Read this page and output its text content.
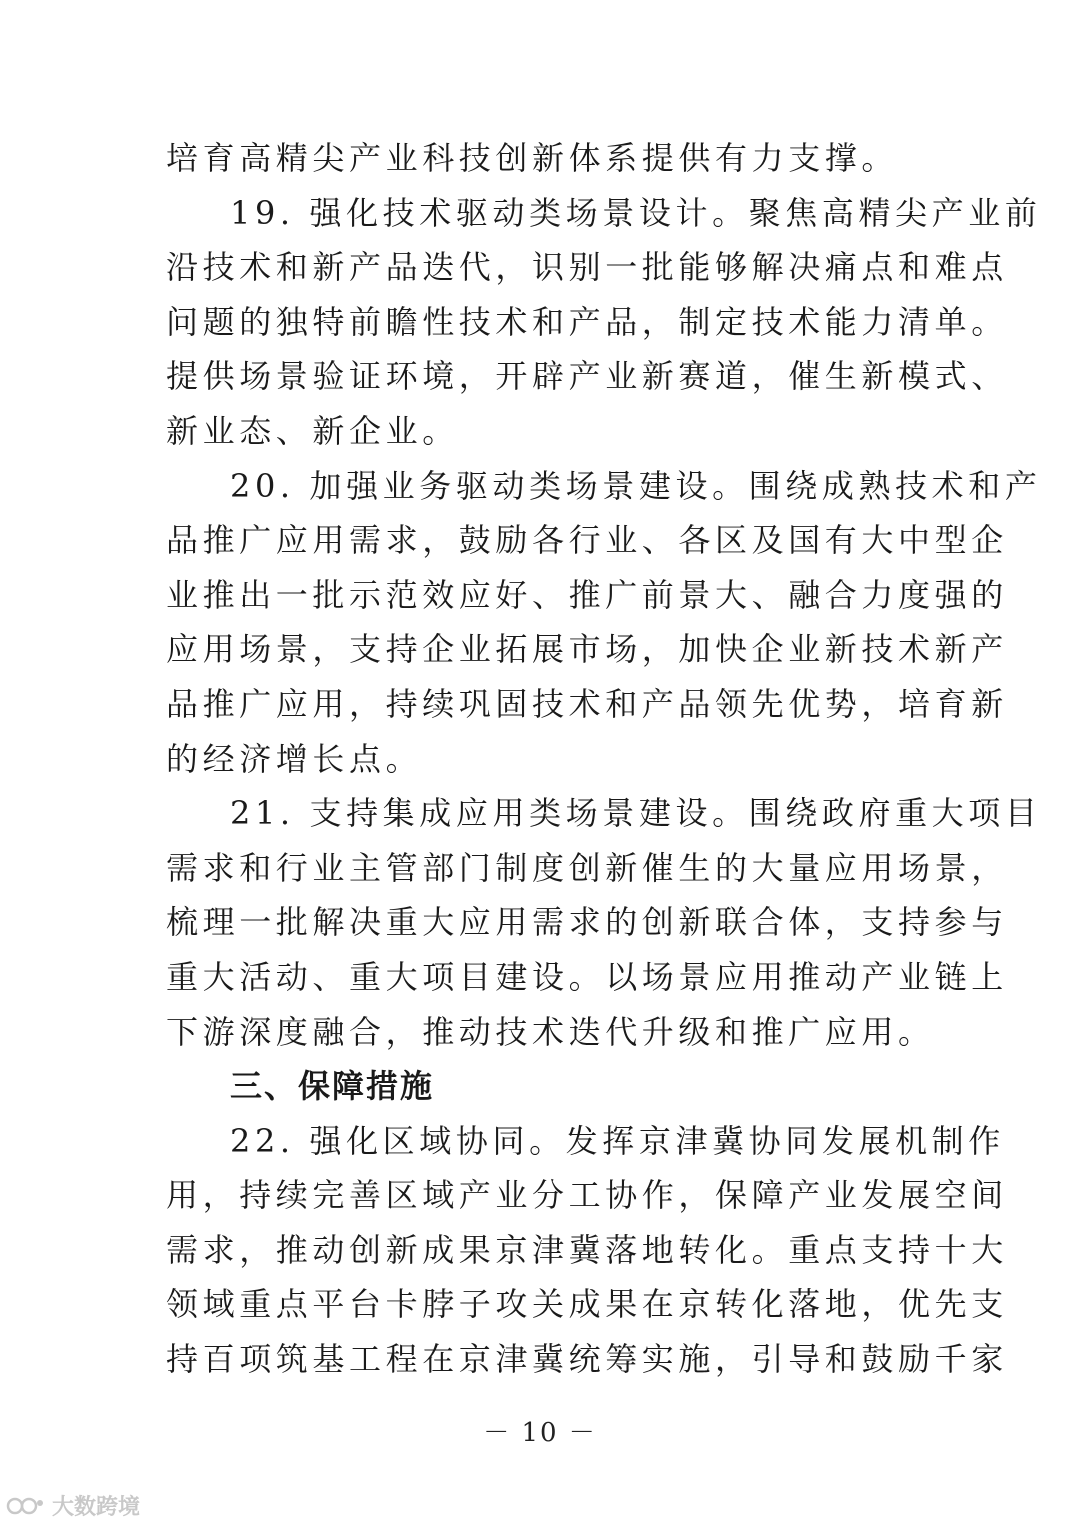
培育高精尖产业科技创新体系提供有力支撑。
19. 强化技术驱动类场景设计。聚焦高精尖产业前
沿技术和新产品迭代，识别一批能够解决痛点和难点
问题的独特前瞻性技术和产品，制定技术能力清单。
提供场景验证环境，开辟产业新赛道，催生新模式、
新业态、新企业。
20. 加强业务驱动类场景建设。围绕成熟技术和产
品推广应用需求，鼓励各行业、各区及国有大中型企
业推出一批示范效应好、推广前景大、融合力度强的
应用场景，支持企业拓展市场，加快企业新技术新产
品推广应用，持续巩固技术和产品领先优势，培育新
的经济增长点。
21. 支持集成应用类场景建设。围绕政府重大项目
需求和行业主管部门制度创新催生的大量应用场景，
梳理一批解决重大应用需求的创新联合体，支持参与
重大活动、重大项目建设。以场景应用推动产业链上
下游深度融合，推动技术迭代升级和推广应用。
三、保障措施
22. 强化区域协同。发挥京津冀协同发展机制作
用，持续完善区域产业分工协作，保障产业发展空间
需求，推动创新成果京津冀落地转化。重点支持十大
领域重点平台卡脖子攻关成果在京转化落地，优先支
持百项筑基工程在京津冀统筹实施，引导和鼓励千家
－ 10 －
大数跨境
